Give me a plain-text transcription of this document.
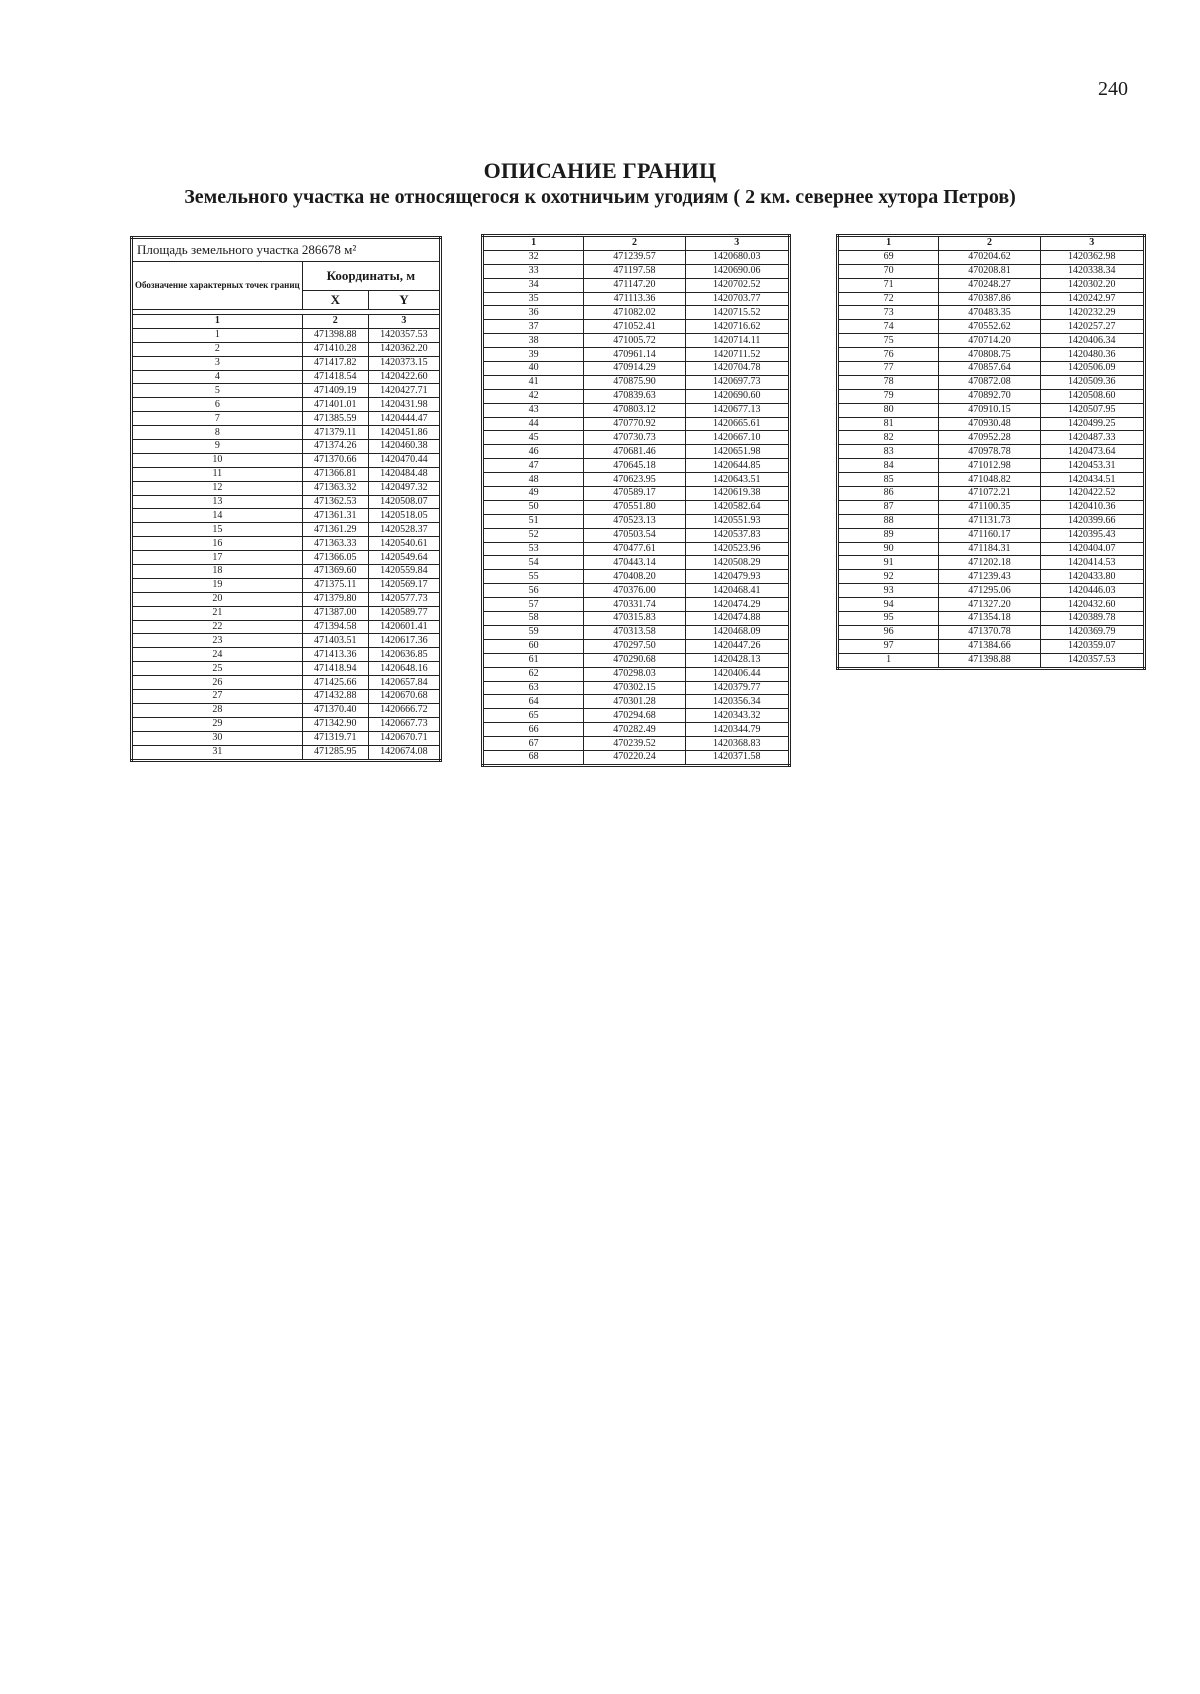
240
ОПИСАНИЕ ГРАНИЦ
Земельного участка не относящегося к охотничьим угодиям ( 2 км. севернее хутора Петров)
Площадь земельного участка 286678 м²		
Обозначение характерных точек границ	Координаты, м	
	X	Y

1	2	3
1	471398.88	1420357.53
2	471410.28	1420362.20
3	471417.82	1420373.15
4	471418.54	1420422.60
5	471409.19	1420427.71
6	471401.01	1420431.98
7	471385.59	1420444.47
8	471379.11	1420451.86
9	471374.26	1420460.38
10	471370.66	1420470.44
11	471366.81	1420484.48
12	471363.32	1420497.32
13	471362.53	1420508.07
14	471361.31	1420518.05
15	471361.29	1420528.37
16	471363.33	1420540.61
17	471366.05	1420549.64
18	471369.60	1420559.84
19	471375.11	1420569.17
20	471379.80	1420577.73
21	471387.00	1420589.77
22	471394.58	1420601.41
23	471403.51	1420617.36
24	471413.36	1420636.85
25	471418.94	1420648.16
26	471425.66	1420657.84
27	471432.88	1420670.68
28	471370.40	1420666.72
29	471342.90	1420667.73
30	471319.71	1420670.71
31	471285.95	1420674.08
1	2	3
32	471239.57	1420680.03
33	471197.58	1420690.06
34	471147.20	1420702.52
35	471113.36	1420703.77
36	471082.02	1420715.52
37	471052.41	1420716.62
38	471005.72	1420714.11
39	470961.14	1420711.52
40	470914.29	1420704.78
41	470875.90	1420697.73
42	470839.63	1420690.60
43	470803.12	1420677.13
44	470770.92	1420665.61
45	470730.73	1420667.10
46	470681.46	1420651.98
47	470645.18	1420644.85
48	470623.95	1420643.51
49	470589.17	1420619.38
50	470551.80	1420582.64
51	470523.13	1420551.93
52	470503.54	1420537.83
53	470477.61	1420523.96
54	470443.14	1420508.29
55	470408.20	1420479.93
56	470376.00	1420468.41
57	470331.74	1420474.29
58	470315.83	1420474.88
59	470313.58	1420468.09
60	470297.50	1420447.26
61	470290.68	1420428.13
62	470298.03	1420406.44
63	470302.15	1420379.77
64	470301.28	1420356.34
65	470294.68	1420343.32
66	470282.49	1420344.79
67	470239.52	1420368.83
68	470220.24	1420371.58
1	2	3
69	470204.62	1420362.98
70	470208.81	1420338.34
71	470248.27	1420302.20
72	470387.86	1420242.97
73	470483.35	1420232.29
74	470552.62	1420257.27
75	470714.20	1420406.34
76	470808.75	1420480.36
77	470857.64	1420506.09
78	470872.08	1420509.36
79	470892.70	1420508.60
80	470910.15	1420507.95
81	470930.48	1420499.25
82	470952.28	1420487.33
83	470978.78	1420473.64
84	471012.98	1420453.31
85	471048.82	1420434.51
86	471072.21	1420422.52
87	471100.35	1420410.36
88	471131.73	1420399.66
89	471160.17	1420395.43
90	471184.31	1420404.07
91	471202.18	1420414.53
92	471239.43	1420433.80
93	471295.06	1420446.03
94	471327.20	1420432.60
95	471354.18	1420389.78
96	471370.78	1420369.79
97	471384.66	1420359.07
1	471398.88	1420357.53
